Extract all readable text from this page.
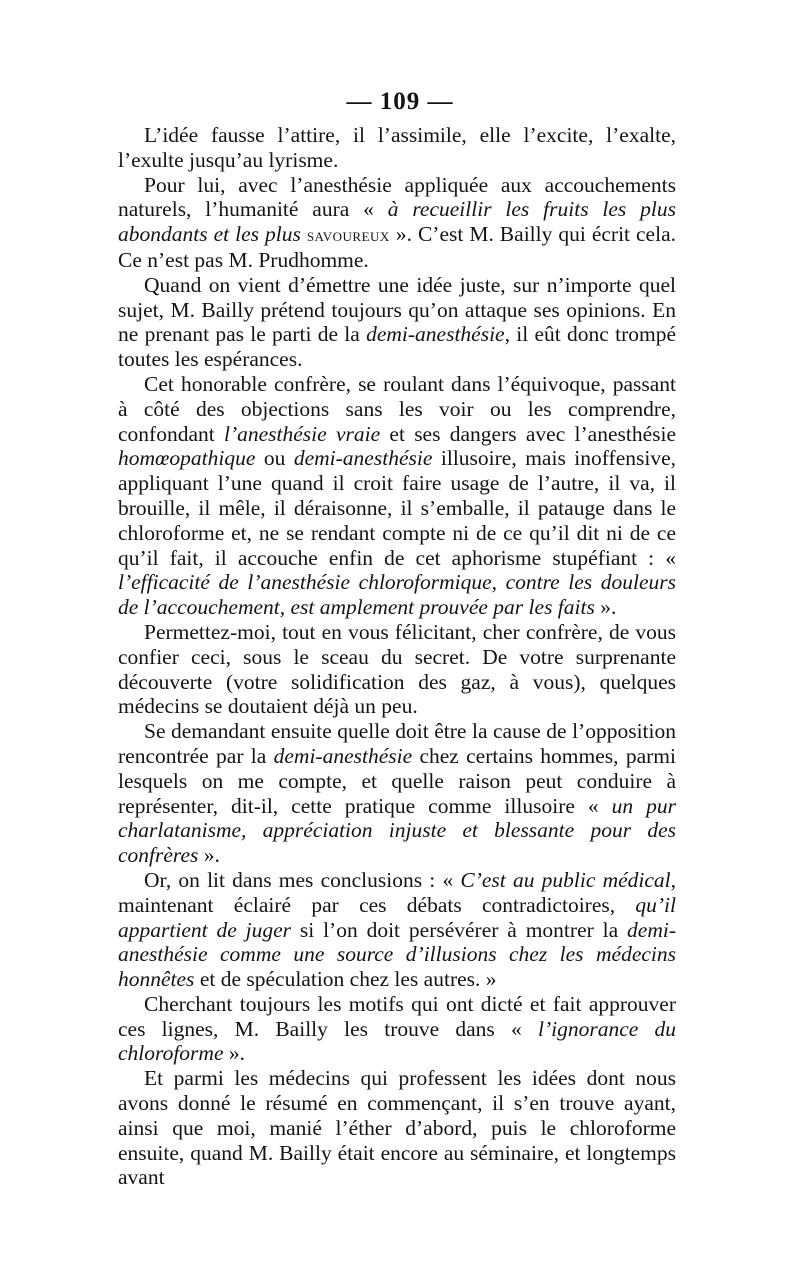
— 109 —

L’idée fausse l’attire, il l’assimile, elle l’excite, l’exalte, l’exulte jusqu’au lyrisme.

Pour lui, avec l’anesthésie appliquée aux accouchements naturels, l’humanité aura « à recueillir les fruits les plus abondants et les plus savoureux ». C’est M. Bailly qui écrit cela. Ce n’est pas M. Prudhomme.

Quand on vient d’émettre une idée juste, sur n’importe quel sujet, M. Bailly prétend toujours qu’on attaque ses opinions. En ne prenant pas le parti de la demi-anesthésie, il eût donc trompé toutes les espérances.

Cet honorable confrère, se roulant dans l’équivoque, passant à côté des objections sans les voir ou les comprendre, confondant l’anesthésie vraie et ses dangers avec l’anesthésie homœopathique ou demi-anesthésie illusoire, mais inoffensive, appliquant l’une quand il croit faire usage de l’autre, il va, il brouille, il mêle, il déraisonne, il s’emballe, il patauge dans le chloroforme et, ne se rendant compte ni de ce qu’il dit ni de ce qu’il fait, il accouche enfin de cet aphorisme stupéfiant : « l’efficacité de l’anesthésie chloroformique, contre les douleurs de l’accouchement, est amplement prouvée par les faits ».

Permettez-moi, tout en vous félicitant, cher confrère, de vous confier ceci, sous le sceau du secret. De votre surprenante découverte (votre solidification des gaz, à vous), quelques médecins se doutaient déjà un peu.

Se demandant ensuite quelle doit être la cause de l’opposition rencontrée par la demi-anesthésie chez certains hommes, parmi lesquels on me compte, et quelle raison peut conduire à représenter, dit-il, cette pratique comme illusoire « un pur charlatanisme, appréciation injuste et blessante pour des confrères ».

Or, on lit dans mes conclusions : « C’est au public médical, maintenant éclairé par ces débats contradictoires, qu’il appartient de juger si l’on doit persévérer à montrer la demi-anesthésie comme une source d’illusions chez les médecins honnêtes et de spéculation chez les autres. »

Cherchant toujours les motifs qui ont dicté et fait approuver ces lignes, M. Bailly les trouve dans « l’ignorance du chloroforme ».

Et parmi les médecins qui professent les idées dont nous avons donné le résumé en commençant, il s’en trouve ayant, ainsi que moi, manié l’éther d’abord, puis le chloroforme ensuite, quand M. Bailly était encore au séminaire, et longtemps avant
